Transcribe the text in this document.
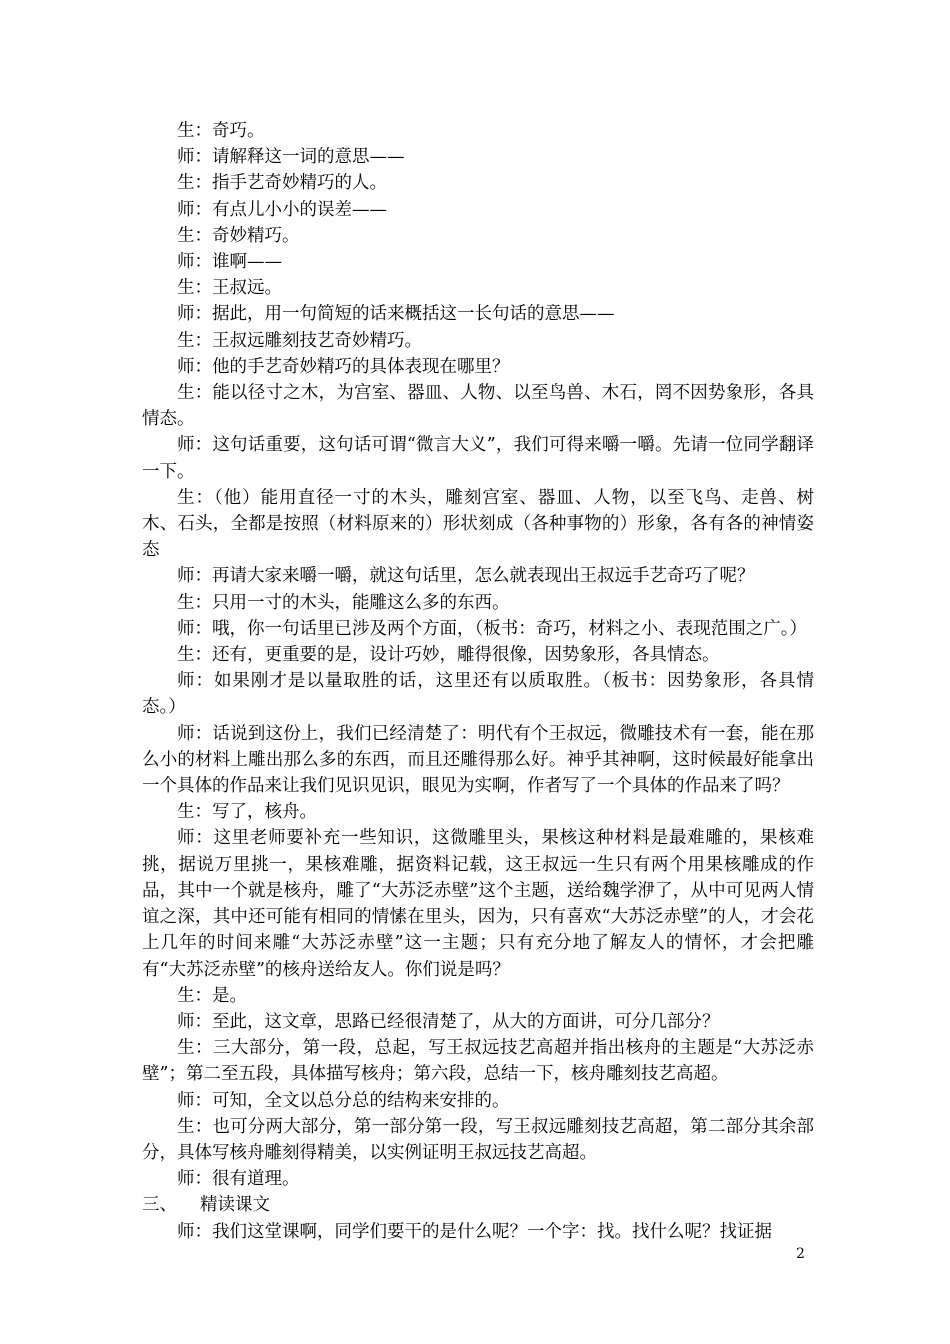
生：奇巧。

师：请解释这一词的意思——

生：指手艺奇妙精巧的人。

师：有点儿小小的误差——

生：奇妙精巧。

师：谁啊——

生：王叔远。

师：据此，用一句简短的话来概括这一长句话的意思——

生：王叔远雕刻技艺奇妙精巧。

师：他的手艺奇妙精巧的具体表现在哪里？

生：能以径寸之木，为宫室、器皿、人物、以至鸟兽、木石，罔不因势象形，各具情态。

师：这句话重要，这句话可谓“微言大义”，我们可得来嚼一嚼。先请一位同学翻译一下。

生：（他）能用直径一寸的木头，雕刻宫室、器皿、人物，以至飞鸟、走兽、树木、石头，全都是按照（材料原来的）形状刻成（各种事物的）形象，各有各的神情姿态

师：再请大家来嚼一嚼，就这句话里，怎么就表现出王叔远手艺奇巧了呢？

生：只用一寸的木头，能雕这么多的东西。

师：哦，你一句话里已涉及两个方面，（板书：奇巧，材料之小、表现范围之广。）

生：还有，更重要的是，设计巧妙，雕得很像，因势象形，各具情态。

师：如果刚才是以量取胜的话，这里还有以质取胜。（板书：因势象形，各具情态。）

师：话说到这份上，我们已经清楚了：明代有个王叔远，微雕技术有一套，能在那么小的材料上雕出那么多的东西，而且还雕得那么好。神乎其神啊，这时候最好能拿出一个具体的作品来让我们见识见识，眼见为实啊，作者写了一个具体的作品来了吗？

生：写了，核舟。

师：这里老师要补充一些知识，这微雕里头，果核这种材料是最难雕的，果核难挑，据说万里挑一，果核难雕，据资料记载，这王叔远一生只有两个用果核雕成的作品，其中一个就是核舟，雕了“大苏泛赤壁”这个主题，送给魏学洢了，从中可见两人情谊之深，其中还可能有相同的情愫在里头，因为，只有喜欢“大苏泛赤壁”的人，才会花上几年的时间来雕“大苏泛赤壁”这一主题；只有充分地了解友人的情怀，才会把雕有“大苏泛赤壁”的核舟送给友人。你们说是吗？

生：是。

师：至此，这文章，思路已经很清楚了，从大的方面讲，可分几部分？

生：三大部分，第一段，总起，写王叔远技艺高超并指出核舟的主题是“大苏泛赤壁”；第二至五段，具体描写核舟；第六段，总结一下，核舟雕刻技艺高超。

师：可知，全文以总分总的结构来安排的。

生：也可分两大部分，第一部分第一段，写王叔远雕刻技艺高超，第二部分其余部分，具体写核舟雕刻得精美，以实例证明王叔远技艺高超。

师：很有道理。

三、 精读课文

师：我们这堂课啊，同学们要干的是什么呢？一个字：找。找什么呢？找证据

2
